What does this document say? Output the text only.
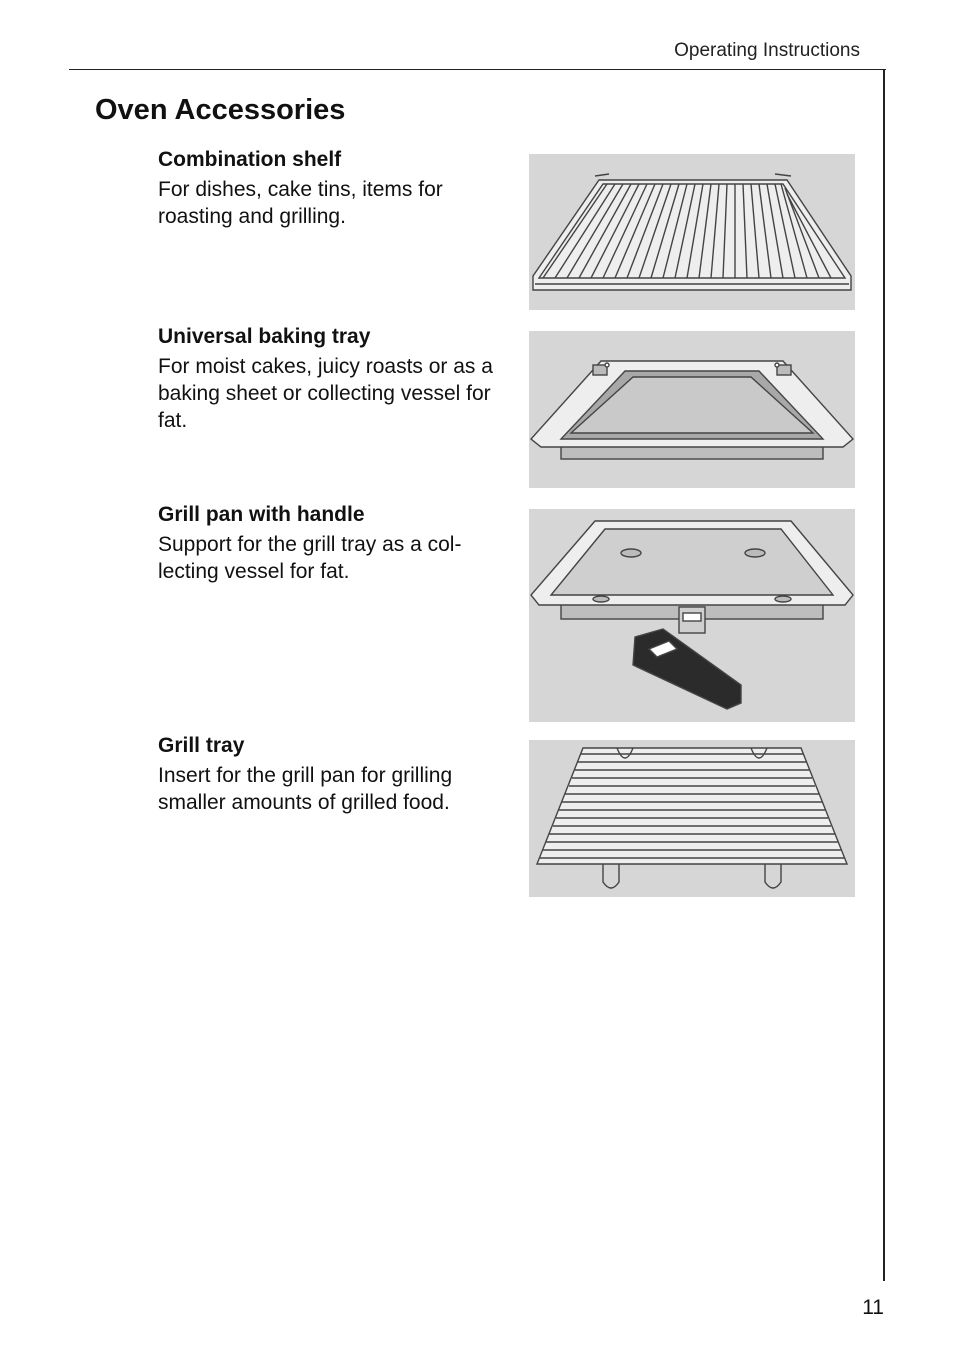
Operating Instructions
Oven Accessories
Combination shelf

For dishes, cake tins, items for roasting and grilling.

Universal baking tray

For moist cakes, juicy roasts or as a baking sheet or collecting vessel for fat.

Grill pan with handle

Support for the grill tray as a col-lecting vessel for fat.

Grill tray

Insert for the grill pan for grilling smaller amounts of grilled food.

11
